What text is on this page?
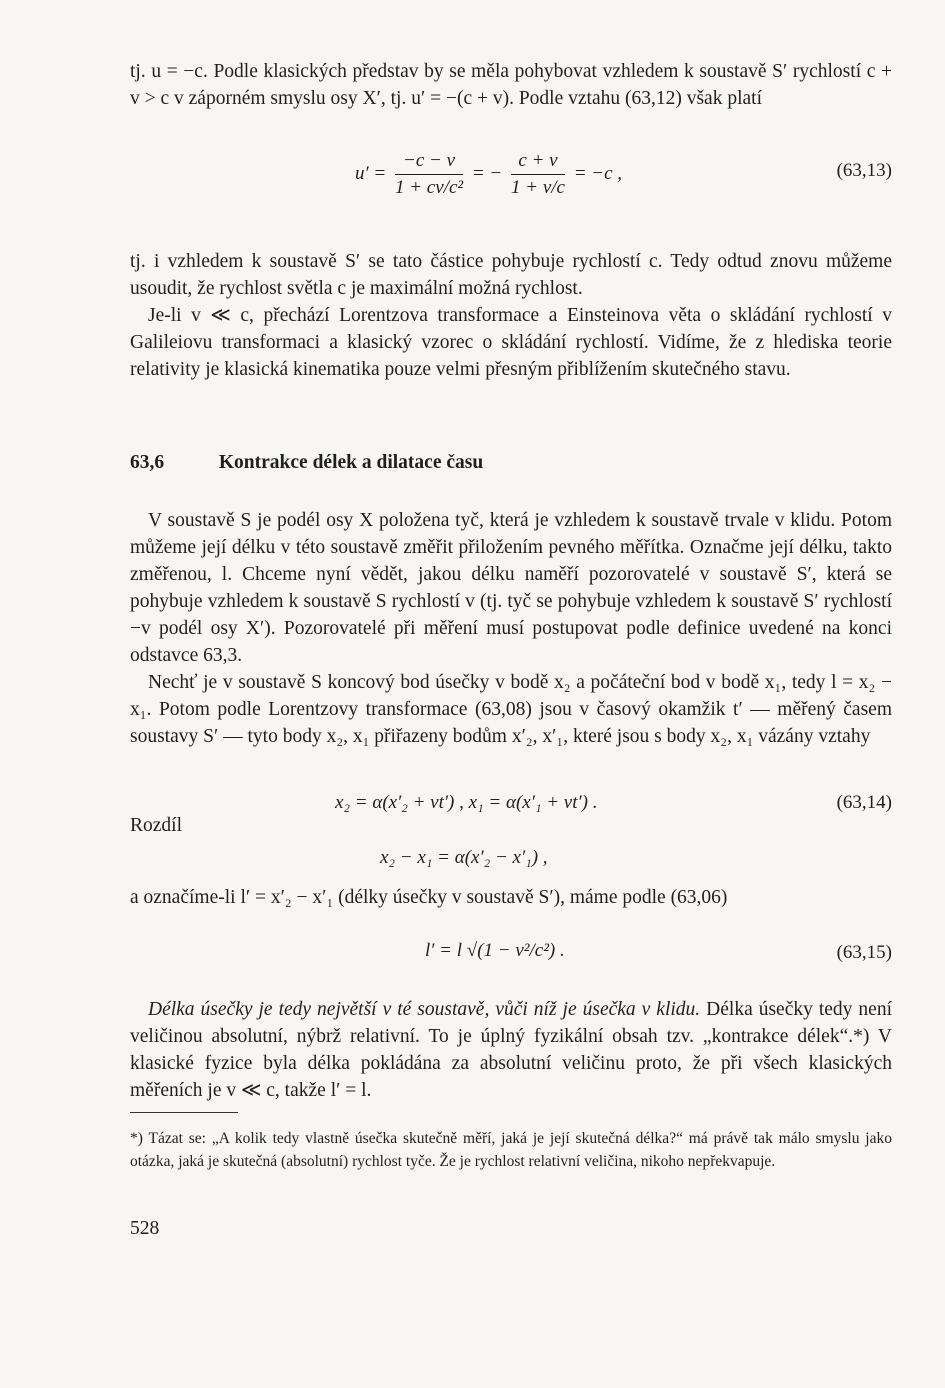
tj. u = −c. Podle klasických představ by se měla pohybovat vzhledem k soustavě S′ rychlostí c + v > c v záporném smyslu osy X′, tj. u′ = −(c + v). Podle vztahu (63,12) však platí

$u' = \frac{-c - v}{\text{1 + cv/c²}}$ = − $\frac{c + v}{1 + v/c} = -c$ ,	(63,13)

tj. i vzhledem k soustavě S′ se tato částice pohybuje rychlostí c. Tedy odtud znovu můžeme usoudit, že rychlost světla c je maximální možná rychlost.

Je-li v ≪ c, přechází Lorentzova transformace a Einsteinova věta o skládání rychlostí v Galileiovu transformaci a klasický vzorec o skládání rychlostí. Vidíme, že z hlediska teorie relativity je klasická kinematika pouze velmi přesným přiblížením skutečného stavu.

63,6	Kontrakce délek a dilatace času

V soustavě S je podél osy X položena tyč, která je vzhledem k soustavě trvale v klidu. Potom můžeme její délku v této soustavě změřit přiložením pevného měřítka. Označme její délku, takto změřenou, l. Chceme nyní vědět, jakou délku naměří pozorovatelé v soustavě S′, která se pohybuje vzhledem k soustavě S rychlostí v (tj. tyč se pohybuje vzhledem k soustavě S′ rychlostí −v podél osy X′). Pozorovatelé při měření musí postupovat podle definice uvedené na konci odstavce 63,3.

Nechť je v soustavě S koncový bod úsečky v bodě x₂ a počáteční bod v bodě x₁, tedy l = x₂ − x₁. Potom podle Lorentzovy transformace (63,08) jsou v časový okamžik t′ — měřený časem soustavy S′ — tyto body x₂, x₁ přiřazeny bodům x′₂, x′₁, které jsou s body x₂, x₁ vázány vztahy

x₂ = α(x′₂ + vt′) , x₁ = α(x′₁ + vt′) .	(63,14)
Rozdíl
x₂ − x₁ = α(x′₂ − x′₁) ,

a označíme-li l′ = x′₂ − x′₁ (délky úsečky v soustavě S′), máme podle (63,06)

l′ = l √(1 − v²/c²) .	(63,15)

Délka úsečky je tedy největší v té soustavě, vůči níž je úsečka v klidu. Délka úsečky tedy není veličinou absolutní, nýbrž relativní. To je úplný fyzikální obsah tzv. „kontrakce délek“.*) V klasické fyzice byla délka pokládána za absolutní veličinu proto, že při všech klasických měřeních je v ≪ c, takže l′ = l.

*) Tázat se: „A kolik tedy vlastně úsečka skutečně měří, jaká je její skutečná délka?“ má právě tak málo smyslu jako otázka, jaká je skutečná (absolutní) rychlost tyče. Že je rychlost relativní veličina, nikoho nepřekvapuje.
528
